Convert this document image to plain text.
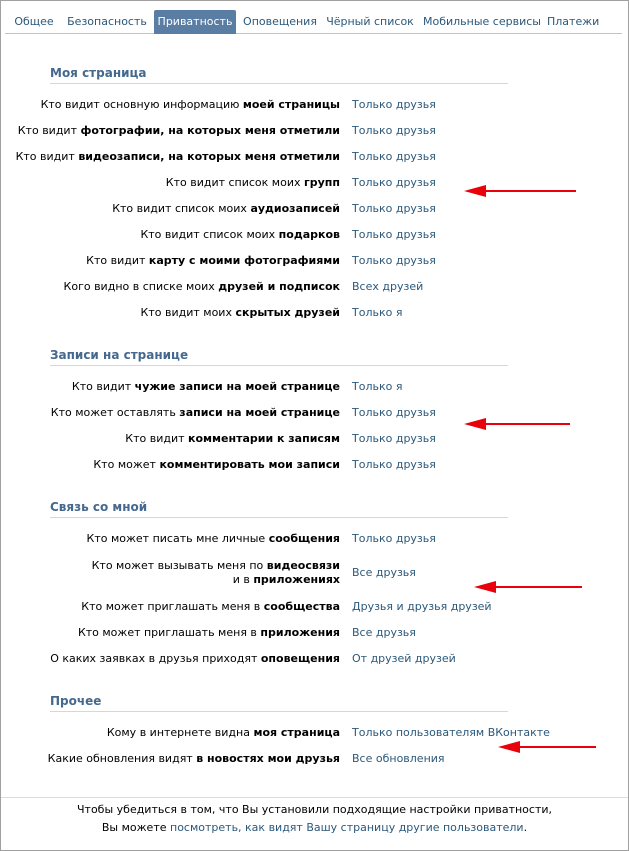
Общее	Безопасность Приватность Оповещения Чёрный список Мобильные сервисы Платежи
Моя страница
Кто видит основную информацию моей страницы Только друзья
Кто видит фотографии, на которых меня отметили Только друзья
Кто видит видеозаписи, на которых меня отметили Только друзья
Кто видит список моих групп Только друзья
Кто видит список моих аудиозаписей Только друзья
Кто видит список моих подарков Только друзья
Кто видит карту с моими фотографиями Только друзья
Кого видно в списке моих друзей и подписок Всех друзей
Кто видит моих скрытых друзей Только я
Записи на странице
Кто видит чужие записи на моей странице Только я
Кто может оставлять записи на моей странице Только друзья
Кто видит комментарии к записям Только друзья
Кто может комментировать мои записи Только друзья
Связь со мной
Кто может писать мне личные сообщения Только друзья
Кто может вызывать меня по видеосвязи и в приложениях
Все друзья
Кто может приглашать меня в сообщества Друзья и друзья друзей
Кто может приглашать меня в приложения Все друзья
О каких заявках в друзья приходят оповещения От друзей друзей
Прочее
Кому в интернете видна моя страница Только пользователям ВКонтакте
Какие обновления видят в новостях мои друзья Все обновления
Чтобы убедиться в том, что Вы установили подходящие настройки приватности,
Вы можете посмотреть, как видят Вашу страницу другие пользователи.
